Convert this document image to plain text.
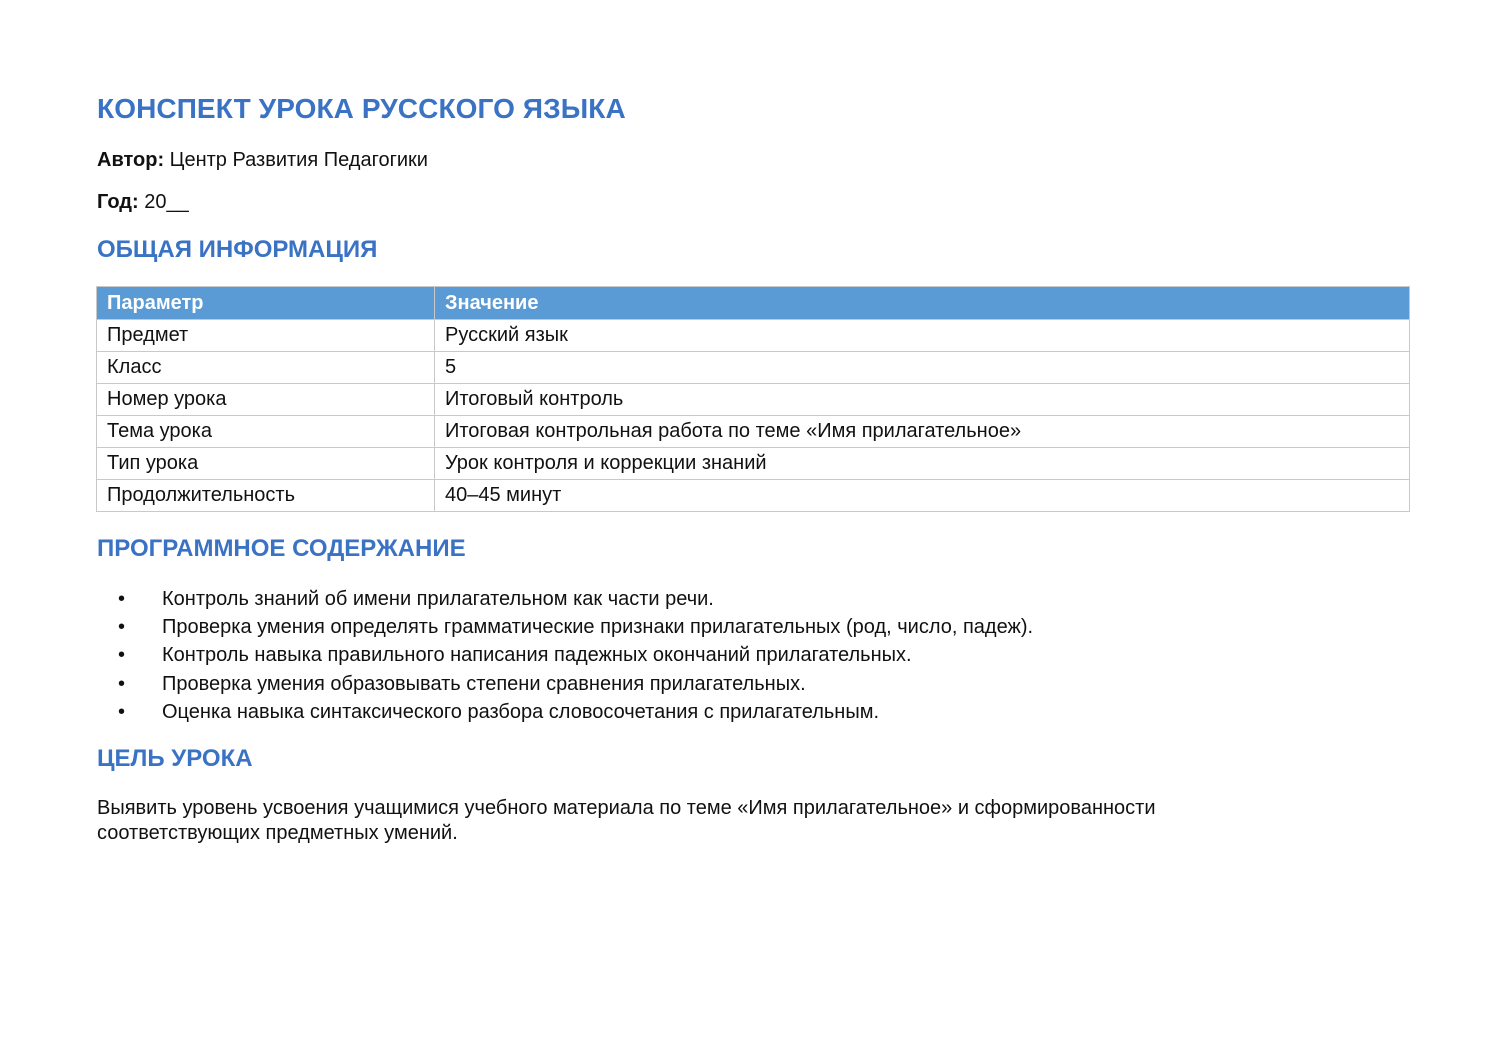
КОНСПЕКТ УРОКА РУССКОГО ЯЗЫКА

Автор: Центр Развития Педагогики

Год: 20__

ОБЩАЯ ИНФОРМАЦИЯ
Параметр	Значение
Предмет	Русский язык
Класс	5
Номер урока	Итоговый контроль
Тема урока	Итоговая контрольная работа по теме «Имя прилагательное»
Тип урока	Урок контроля и коррекции знаний
Продолжительность	40–45 минут
ПРОГРАММНОЕ СОДЕРЖАНИЕ
• Контроль знаний об имени прилагательном как части речи.
• Проверка умения определять грамматические признаки прилагательных (род, число, падеж).
• Контроль навыка правильного написания падежных окончаний прилагательных.
• Проверка умения образовывать степени сравнения прилагательных.
• Оценка навыка синтаксического разбора словосочетания с прилагательным.
ЦЕЛЬ УРОКА

Выявить уровень усвоения учащимися учебного материала по теме «Имя прилагательное» и сформированности соответствующих предметных умений.
